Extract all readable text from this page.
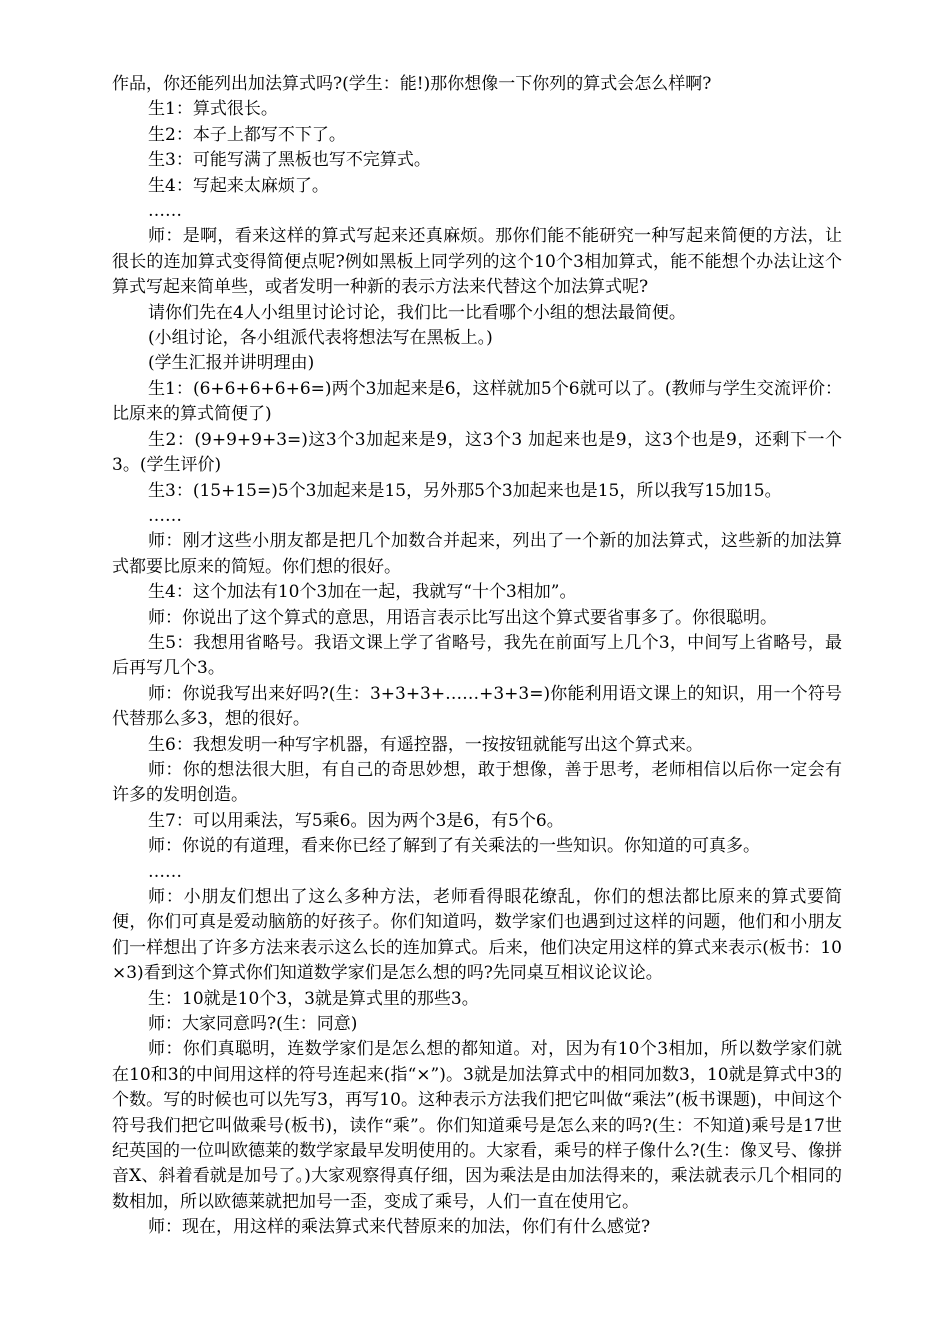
作品，你还能列出加法算式吗?(学生：能!)那你想像一下你列的算式会怎么样啊?

生1：算式很长。

生2：本子上都写不下了。

生3：可能写满了黑板也写不完算式。

生4：写起来太麻烦了。

……

师：是啊，看来这样的算式写起来还真麻烦。那你们能不能研究一种写起来简便的方法，让很长的连加算式变得简便点呢?例如黑板上同学列的这个10个3相加算式，能不能想个办法让这个算式写起来简单些，或者发明一种新的表示方法来代替这个加法算式呢?

请你们先在4人小组里讨论讨论，我们比一比看哪个小组的想法最简便。

(小组讨论，各小组派代表将想法写在黑板上。)

(学生汇报并讲明理由)

生1：(6+6+6+6+6=)两个3加起来是6，这样就加5个6就可以了。(教师与学生交流评价：比原来的算式简便了)

生2：(9+9+9+3=)这3个3加起来是9，这3个3 加起来也是9，这3个也是9，还剩下一个3。(学生评价)

生3：(15+15=)5个3加起来是15，另外那5个3加起来也是15，所以我写15加15。

……

师：刚才这些小朋友都是把几个加数合并起来，列出了一个新的加法算式，这些新的加法算式都要比原来的简短。你们想的很好。

生4：这个加法有10个3加在一起，我就写“十个3相加”。

师：你说出了这个算式的意思，用语言表示比写出这个算式要省事多了。你很聪明。

生5：我想用省略号。我语文课上学了省略号，我先在前面写上几个3，中间写上省略号，最后再写几个3。

师：你说我写出来好吗?(生：3+3+3+……+3+3=)你能利用语文课上的知识，用一个符号代替那么多3，想的很好。

生6：我想发明一种写字机器，有遥控器，一按按钮就能写出这个算式来。

师：你的想法很大胆，有自己的奇思妙想，敢于想像，善于思考，老师相信以后你一定会有许多的发明创造。

生7：可以用乘法，写5乘6。因为两个3是6，有5个6。

师：你说的有道理，看来你已经了解到了有关乘法的一些知识。你知道的可真多。

……

师：小朋友们想出了这么多种方法，老师看得眼花缭乱，你们的想法都比原来的算式要简便，你们可真是爱动脑筋的好孩子。你们知道吗，数学家们也遇到过这样的问题，他们和小朋友们一样想出了许多方法来表示这么长的连加算式。后来，他们决定用这样的算式来表示(板书：10×3)看到这个算式你们知道数学家们是怎么想的吗?先同桌互相议论议论。

生：10就是10个3，3就是算式里的那些3。

师：大家同意吗?(生：同意)

师：你们真聪明，连数学家们是怎么想的都知道。对，因为有10个3相加，所以数学家们就在10和3的中间用这样的符号连起来(指“×”)。3就是加法算式中的相同加数3，10就是算式中3的个数。写的时候也可以先写3，再写10。这种表示方法我们把它叫做“乘法”(板书课题)，中间这个符号我们把它叫做乘号(板书)，读作“乘”。你们知道乘号是怎么来的吗?(生：不知道)乘号是17世纪英国的一位叫欧德莱的数学家最早发明使用的。大家看，乘号的样子像什么?(生：像叉号、像拼音X、斜着看就是加号了。)大家观察得真仔细，因为乘法是由加法得来的，乘法就表示几个相同的数相加，所以欧德莱就把加号一歪，变成了乘号，人们一直在使用它。

师：现在，用这样的乘法算式来代替原来的加法，你们有什么感觉?
